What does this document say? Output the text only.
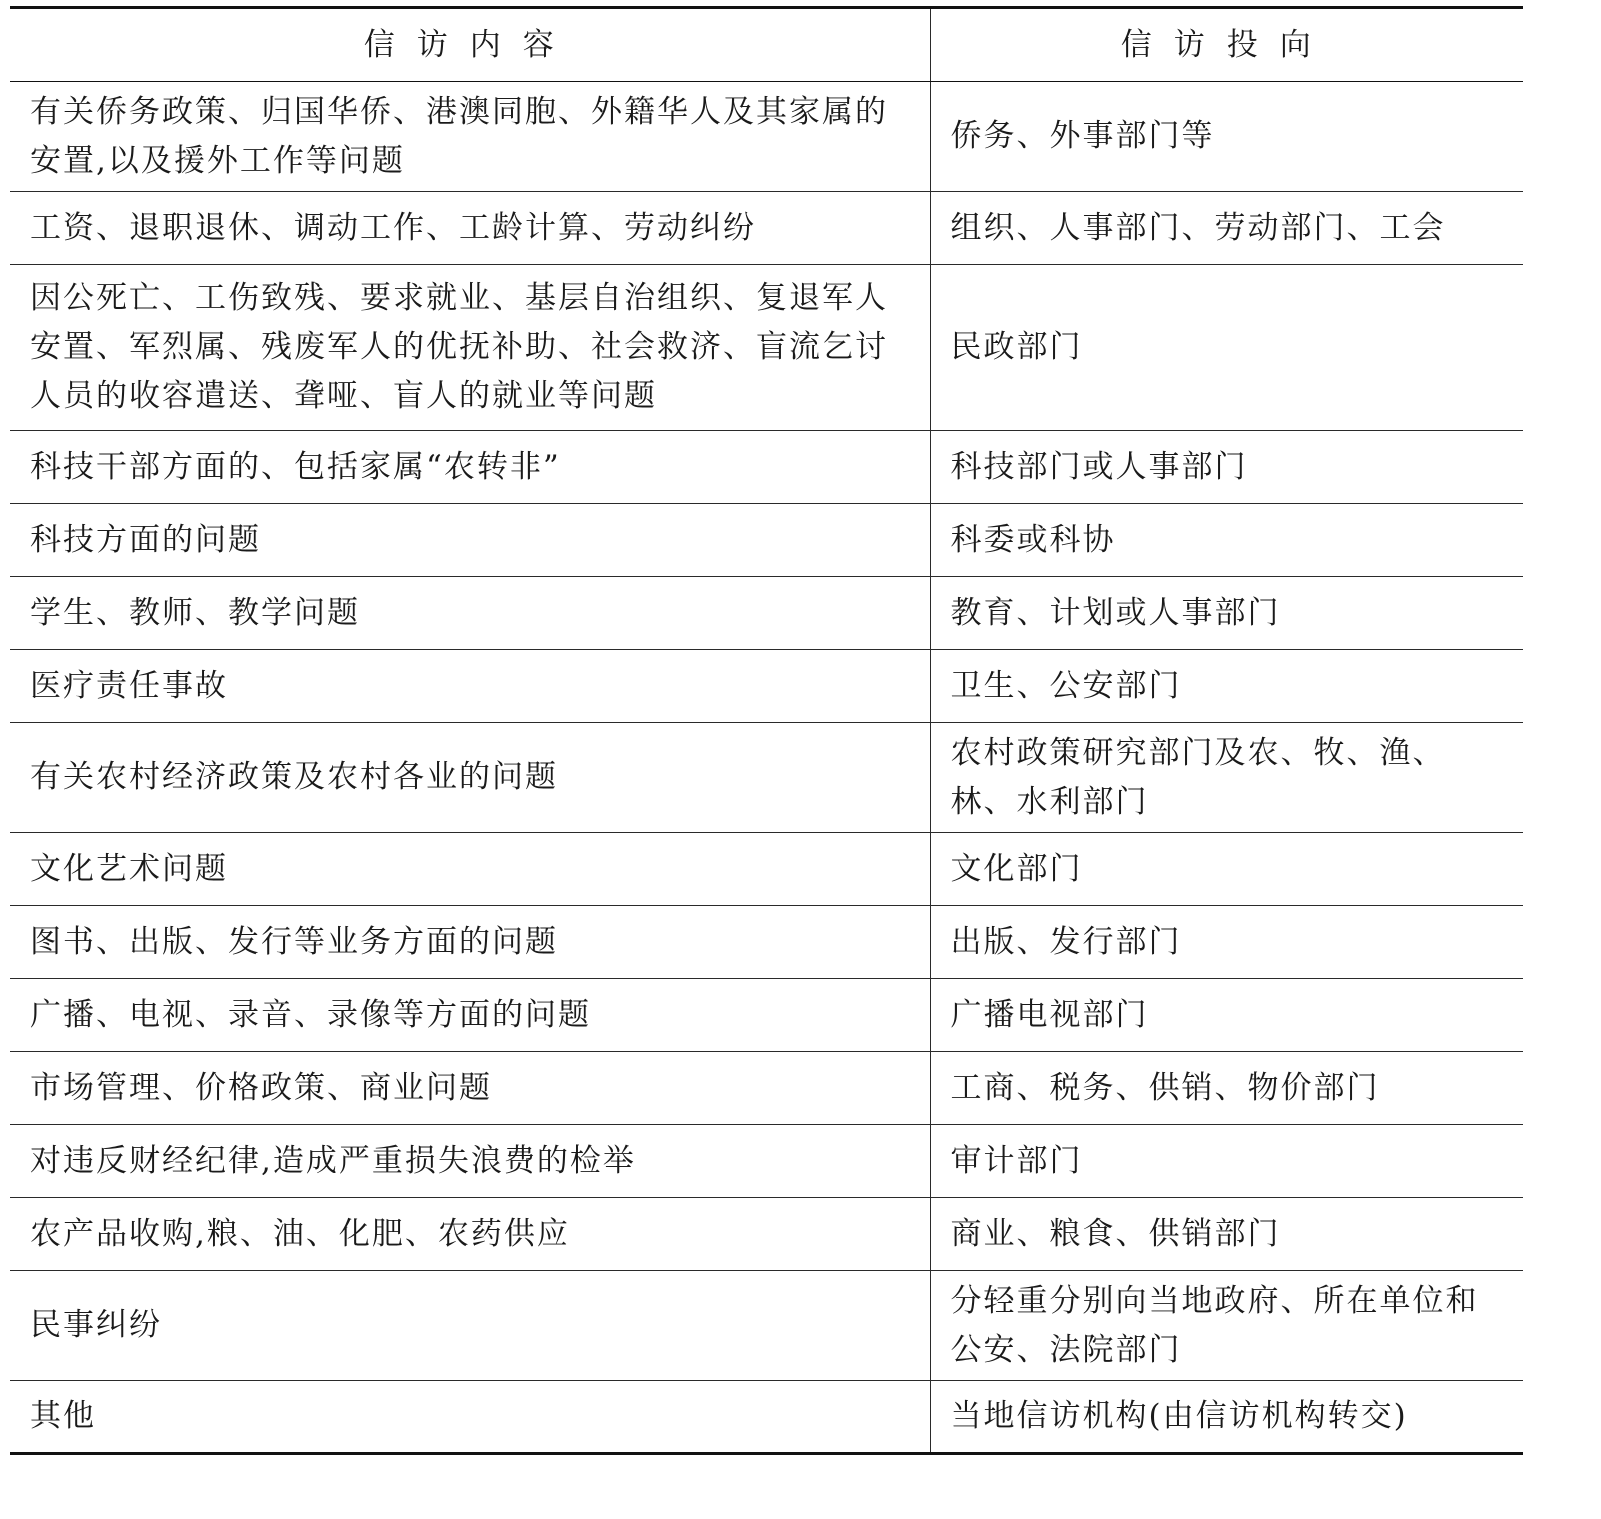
信访内容	信访投向
有关侨务政策、归国华侨、港澳同胞、外籍华人及其家属的安置,以及援外工作等问题	侨务、外事部门等
工资、退职退休、调动工作、工龄计算、劳动纠纷	组织、人事部门、劳动部门、工会
因公死亡、工伤致残、要求就业、基层自治组织、复退军人安置、军烈属、残废军人的优抚补助、社会救济、盲流乞讨人员的收容遣送、聋哑、盲人的就业等问题	民政部门
科技干部方面的、包括家属“农转非”	科技部门或人事部门
科技方面的问题	科委或科协
学生、教师、教学问题	教育、计划或人事部门
医疗责任事故	卫生、公安部门
有关农村经济政策及农村各业的问题	农村政策研究部门及农、牧、渔、林、水利部门
文化艺术问题	文化部门
图书、出版、发行等业务方面的问题	出版、发行部门
广播、电视、录音、录像等方面的问题	广播电视部门
市场管理、价格政策、商业问题	工商、税务、供销、物价部门
对违反财经纪律,造成严重损失浪费的检举	审计部门
农产品收购,粮、油、化肥、农药供应	商业、粮食、供销部门
民事纠纷	分轻重分别向当地政府、所在单位和公安、法院部门
其他	当地信访机构(由信访机构转交)
